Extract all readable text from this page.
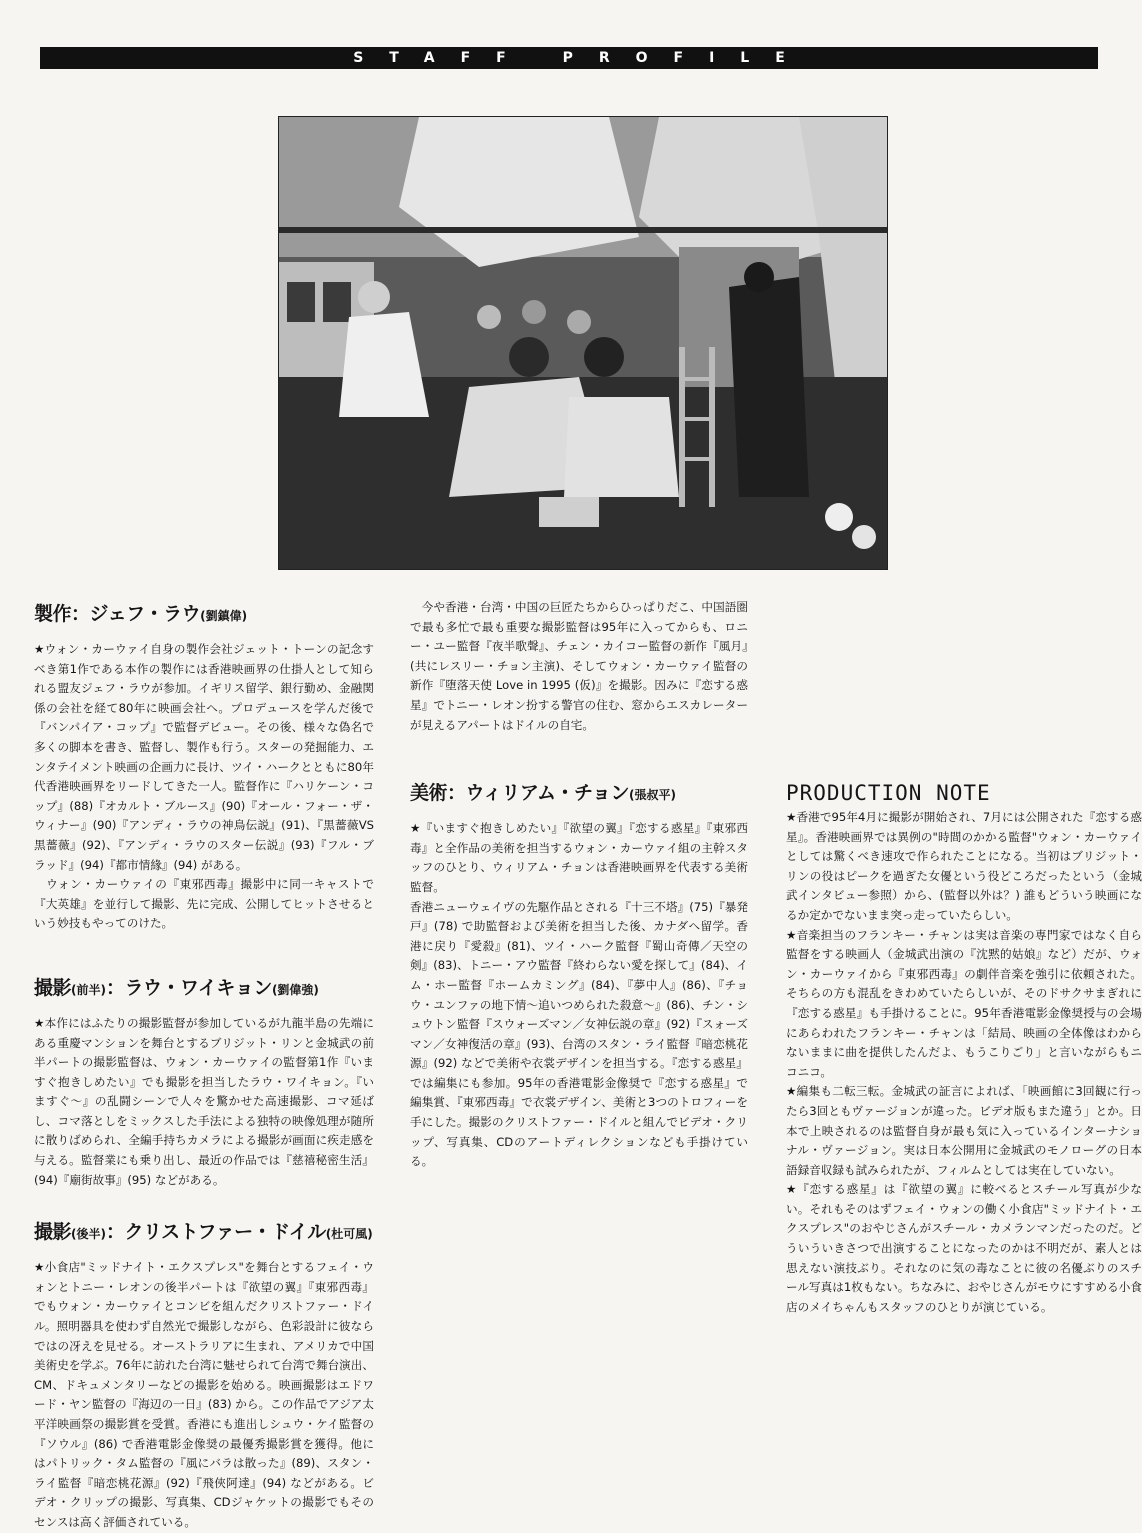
STAFF PROFILE
製作：ジェフ・ラウ(劉鎮偉)

★ウォン・カーウァイ自身の製作会社ジェット・トーンの記念すべき第1作である本作の製作には香港映画界の仕掛人として知られる盟友ジェフ・ラウが参加。イギリス留学、銀行勤め、金融関係の会社を経て80年に映画会社へ。プロデュースを学んだ後で『バンパイア・コップ』で監督デビュー。その後、様々な偽名で多くの脚本を書き、監督し、製作も行う。スターの発掘能力、エンタテイメント映画の企画力に長け、ツイ・ハークとともに80年代香港映画界をリードしてきた一人。監督作に『ハリケーン・コップ』(88)『オカルト・ブルース』(90)『オール・フォー・ザ・ウィナー』(90)『アンディ・ラウの神鳥伝説』(91)、『黒薔薇VS黒薔薇』(92)、『アンディ・ラウのスター伝説』(93)『フル・ブラッド』(94)『都市情緣』(94) がある。

　ウォン・カーウァイの『東邪西毒』撮影中に同一キャストで『大英雄』を並行して撮影、先に完成、公開してヒットさせるという妙技もやってのけた。

撮影(前半)：ラウ・ワイキョン(劉偉強)

★本作にはふたりの撮影監督が参加しているが九龍半島の先端にある重慶マンションを舞台とするブリジット・リンと金城武の前半パートの撮影監督は、ウォン・カーウァイの監督第1作『いますぐ抱きしめたい』でも撮影を担当したラウ・ワイキョン。『いますぐ～』の乱闘シーンで人々を驚かせた高速撮影、コマ延ばし、コマ落としをミックスした手法による独特の映像処理が随所に散りばめられ、全編手持ちカメラによる撮影が画面に疾走感を与える。監督業にも乗り出し、最近の作品では『慈禧秘密生活』(94)『廟街故事』(95) などがある。

撮影(後半)：クリストファー・ドイル(杜可風)

★小食店"ミッドナイト・エクスプレス"を舞台とするフェイ・ウォンとトニー・レオンの後半パートは『欲望の翼』『東邪西毒』でもウォン・カーウァイとコンビを組んだクリストファー・ドイル。照明器具を使わず自然光で撮影しながら、色彩設計に彼ならではの冴えを見せる。オーストラリアに生まれ、アメリカで中国美術史を学ぶ。76年に訪れた台湾に魅せられて台湾で舞台演出、CM、ドキュメンタリーなどの撮影を始める。映画撮影はエドワード・ヤン監督の『海辺の一日』(83) から。この作品でアジア太平洋映画祭の撮影賞を受賞。香港にも進出しシュウ・ケイ監督の『ソウル』(86) で香港電影金像奨の最優秀撮影賞を獲得。他にはパトリック・タム監督の『風にバラは散った』(89)、スタン・ライ監督『暗恋桃花源』(92)『飛俠阿達』(94) などがある。ビデオ・クリップの撮影、写真集、CDジャケットの撮影でもそのセンスは高く評価されている。

　今や香港・台湾・中国の巨匠たちからひっぱりだこ、中国語圏で最も多忙で最も重要な撮影監督は95年に入ってからも、ロニー・ユー監督『夜半歌聲』、チェン・カイコー監督の新作『風月』(共にレスリー・チョン主演)、そしてウォン・カーウァイ監督の新作『堕落天使 Love in 1995 (仮)』を撮影。因みに『恋する惑星』でトニー・レオン扮する警官の住む、窓からエスカレーターが見えるアパートはドイルの自宅。

美術：ウィリアム・チョン(張叔平)

★『いますぐ抱きしめたい』『欲望の翼』『恋する惑星』『東邪西毒』と全作品の美術を担当するウォン・カーウァイ組の主幹スタッフのひとり、ウィリアム・チョンは香港映画界を代表する美術監督。

香港ニューウェイヴの先駆作品とされる『十三不塔』(75)『暴発戸』(78) で助監督および美術を担当した後、カナダへ留学。香港に戻り『愛殺』(81)、ツイ・ハーク監督『蜀山奇傳／天空の剣』(83)、トニー・アウ監督『終わらない愛を探して』(84)、イム・ホー監督『ホームカミング』(84)、『夢中人』(86)、『チョウ・ユンファの地下情～追いつめられた殺意～』(86)、チン・シュウトン監督『スウォーズマン／女神伝説の章』(92)『スォーズマン／女神復活の章』(93)、台湾のスタン・ライ監督『暗恋桃花源』(92) などで美術や衣裳デザインを担当する。『恋する惑星』では編集にも参加。95年の香港電影金像奨で『恋する惑星』で編集賞、『東邪西毒』で衣裳デザイン、美術と3つのトロフィーを手にした。撮影のクリストファー・ドイルと組んでビデオ・クリップ、写真集、CDのアートディレクションなども手掛けている。

PRODUCTION NOTE

★香港で95年4月に撮影が開始され、7月には公開された『恋する惑星』。香港映画界では異例の"時間のかかる監督"ウォン・カーウァイとしては驚くべき速攻で作られたことになる。当初はブリジット・リンの役はピークを過ぎた女優という役どころだったという（金城武インタビュー参照）から、(監督以外は？) 誰もどういう映画になるか定かでないまま突っ走っていたらしい。

★音楽担当のフランキー・チャンは実は音楽の専門家ではなく自ら監督をする映画人（金城武出演の『沈黙的姑娘』など）だが、ウォン・カーウァイから『東邪西毒』の劇伴音楽を強引に依頼された。そちらの方も混乱をきわめていたらしいが、そのドサクサまぎれに『恋する惑星』も手掛けることに。95年香港電影金像奨授与の会場にあらわれたフランキー・チャンは「結局、映画の全体像はわからないままに曲を提供したんだよ、もうこりごり」と言いながらもニコニコ。

★編集も二転三転。金城武の証言によれば、「映画館に3回観に行ったら3回ともヴァージョンが違った。ビデオ版もまた違う」とか。日本で上映されるのは監督自身が最も気に入っているインターナショナル・ヴァージョン。実は日本公開用に金城武のモノローグの日本語録音収録も試みられたが、フィルムとしては実在していない。

★『恋する惑星』は『欲望の翼』に較べるとスチール写真が少ない。それもそのはずフェイ・ウォンの働く小食店"ミッドナイト・エクスプレス"のおやじさんがスチール・カメランマンだったのだ。どういういきさつで出演することになったのかは不明だが、素人とは思えない演技ぶり。それなのに気の毒なことに彼の名優ぶりのスチール写真は1枚もない。ちなみに、おやじさんがモウにすすめる小食店のメイちゃんもスタッフのひとりが演じている。
